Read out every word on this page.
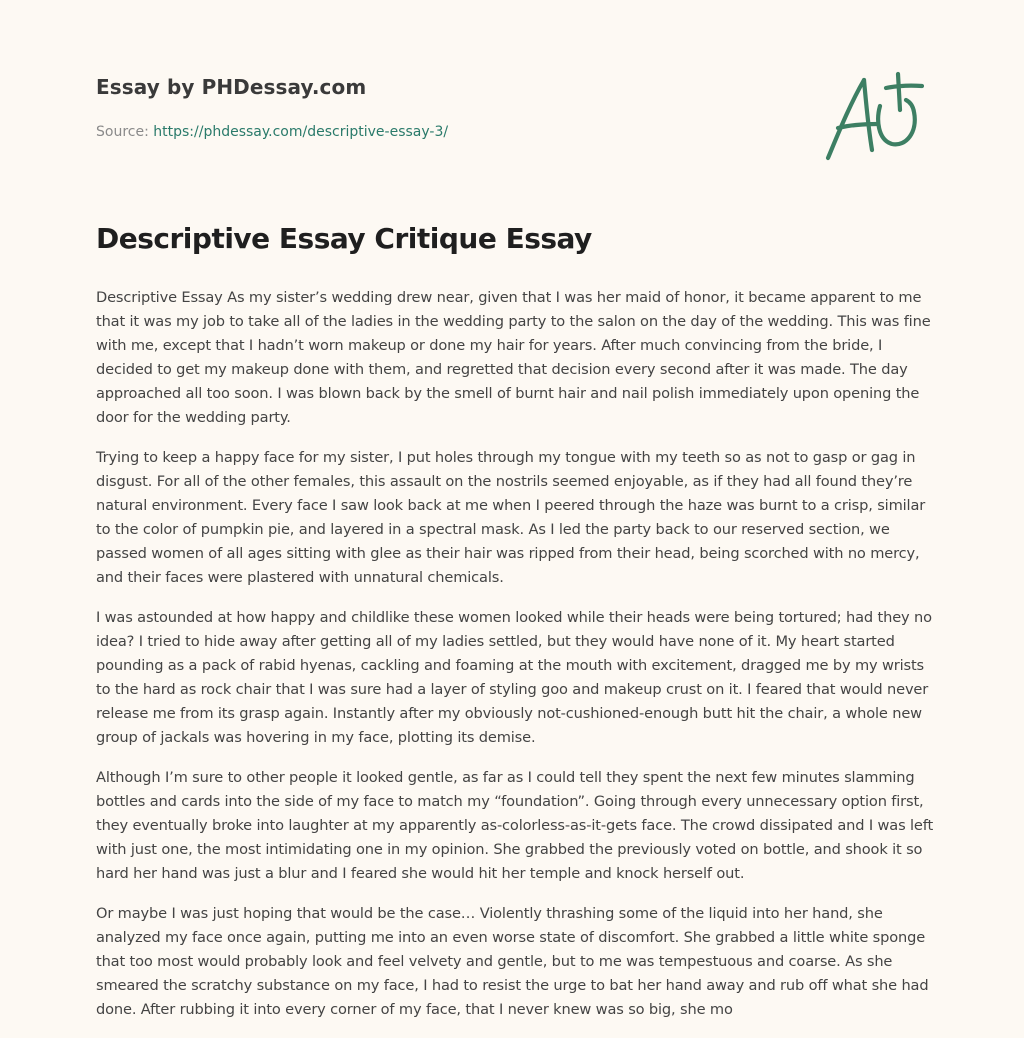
Essay by PHDessay.com
Source: https://phdessay.com/descriptive-essay-3/
Descriptive Essay Critique Essay

Descriptive Essay As my sister’s wedding drew near, given that I was her maid of honor, it became apparent to me that it was my job to take all of the ladies in the wedding party to the salon on the day of the wedding. This was fine with me, except that I hadn’t worn makeup or done my hair for years. After much convincing from the bride, I decided to get my makeup done with them, and regretted that decision every second after it was made. The day approached all too soon. I was blown back by the smell of burnt hair and nail polish immediately upon opening the door for the wedding party.

Trying to keep a happy face for my sister, I put holes through my tongue with my teeth so as not to gasp or gag in disgust. For all of the other females, this assault on the nostrils seemed enjoyable, as if they had all found they’re natural environment. Every face I saw look back at me when I peered through the haze was burnt to a crisp, similar to the color of pumpkin pie, and layered in a spectral mask. As I led the party back to our reserved section, we passed women of all ages sitting with glee as their hair was ripped from their head, being scorched with no mercy, and their faces were plastered with unnatural chemicals.

I was astounded at how happy and childlike these women looked while their heads were being tortured; had they no idea? I tried to hide away after getting all of my ladies settled, but they would have none of it. My heart started pounding as a pack of rabid hyenas, cackling and foaming at the mouth with excitement, dragged me by my wrists to the hard as rock chair that I was sure had a layer of styling goo and makeup crust on it. I feared that would never release me from its grasp again. Instantly after my obviously not-cushioned-enough butt hit the chair, a whole new group of jackals was hovering in my face, plotting its demise.

Although I’m sure to other people it looked gentle, as far as I could tell they spent the next few minutes slamming bottles and cards into the side of my face to match my “foundation”. Going through every unnecessary option first, they eventually broke into laughter at my apparently as-colorless-as-it-gets face. The crowd dissipated and I was left with just one, the most intimidating one in my opinion. She grabbed the previously voted on bottle, and shook it so hard her hand was just a blur and I feared she would hit her temple and knock herself out.

Or maybe I was just hoping that would be the case… Violently thrashing some of the liquid into her hand, she analyzed my face once again, putting me into an even worse state of discomfort. She grabbed a little white sponge that too most would probably look and feel velvety and gentle, but to me was tempestuous and coarse. As she smeared the scratchy substance on my face, I had to resist the urge to bat her hand away and rub off what she had done. After rubbing it into every corner of my face, that I never knew was so big, she mo
